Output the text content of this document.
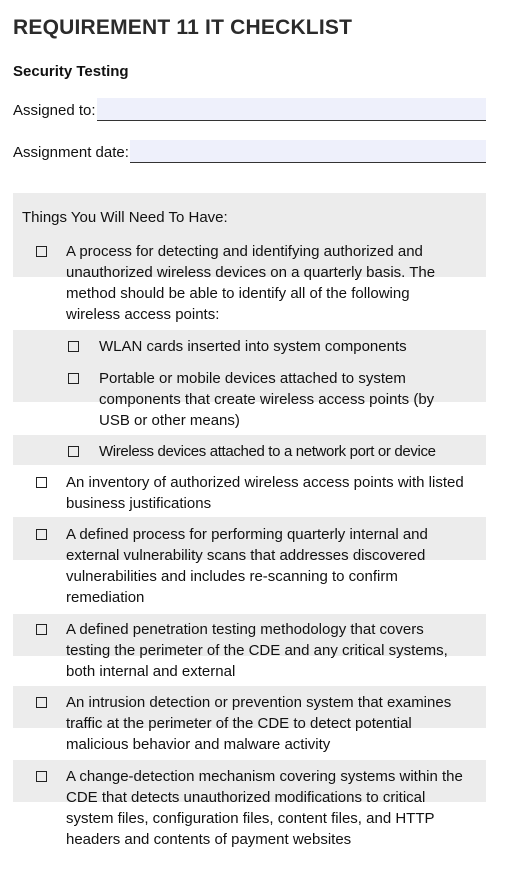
REQUIREMENT 11 IT CHECKLIST
Security Testing
Assigned to:
Assignment date:
Things You Will Need To Have:
A process for detecting and identifying authorized and unauthorized wireless devices on a quarterly basis. The method should be able to identify all of the following wireless access points:
WLAN cards inserted into system components
Portable or mobile devices attached to system components that create wireless access points (by USB or other means)
Wireless devices attached to a network port or device
An inventory of authorized wireless access points with listed business justifications
A defined process for performing quarterly internal and external vulnerability scans that addresses discovered vulnerabilities and includes re-scanning to confirm remediation
A defined penetration testing methodology that covers testing the perimeter of the CDE and any critical systems, both internal and external
An intrusion detection or prevention system that examines traffic at the perimeter of the CDE to detect potential malicious behavior and malware activity
A change-detection mechanism covering systems within the CDE that detects unauthorized modifications to critical system files, configuration files, content files, and HTTP headers and contents of payment websites
